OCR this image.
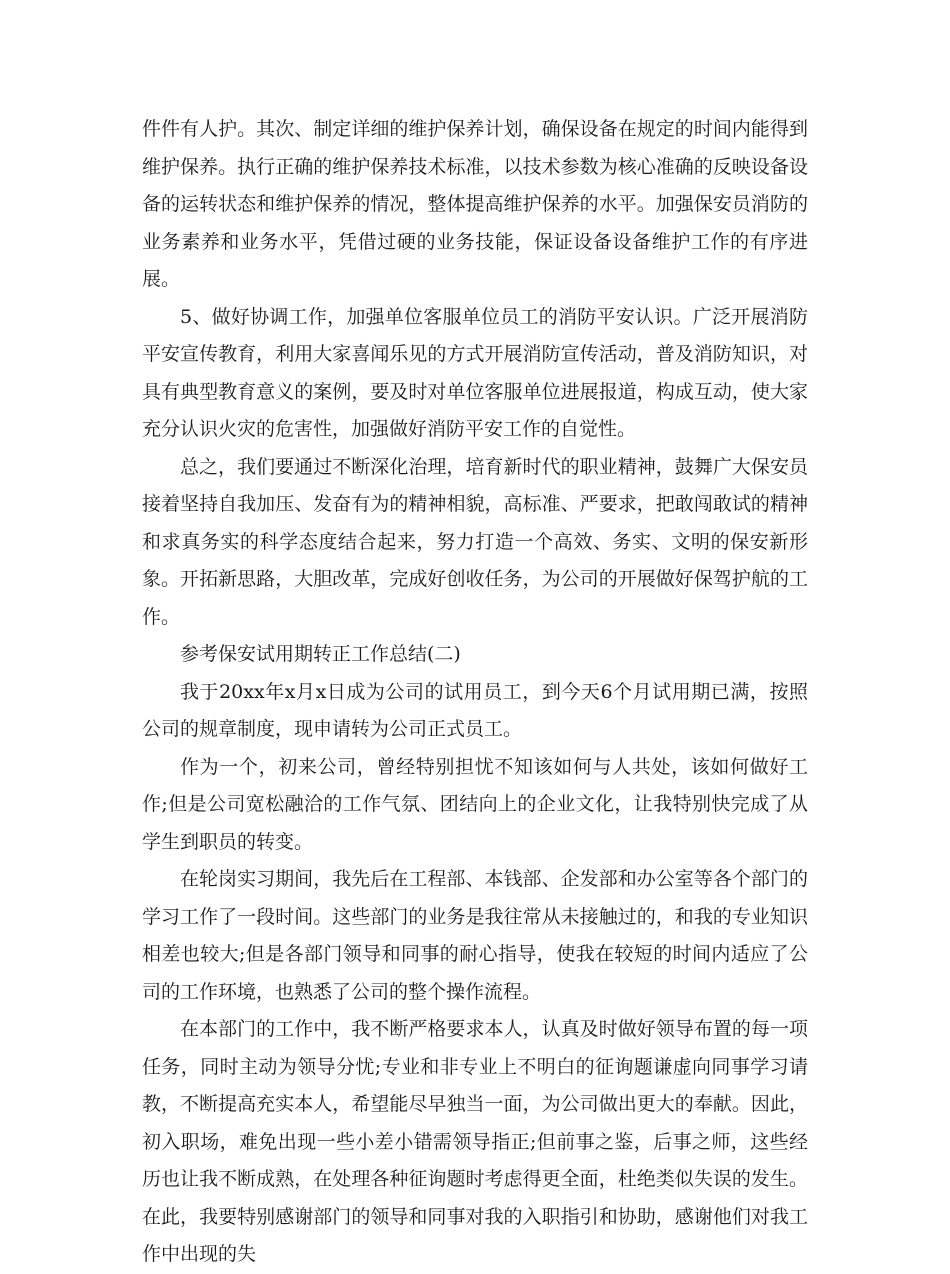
件件有人护。其次、制定详细的维护保养计划，确保设备在规定的时间内能得到维护保养。执行正确的维护保养技术标准，以技术参数为核心准确的反映设备设备的运转状态和维护保养的情况，整体提高维护保养的水平。加强保安员消防的业务素养和业务水平，凭借过硬的业务技能，保证设备设备维护工作的有序进展。

5、做好协调工作，加强单位客服单位员工的消防平安认识。广泛开展消防平安宣传教育，利用大家喜闻乐见的方式开展消防宣传活动，普及消防知识，对具有典型教育意义的案例，要及时对单位客服单位进展报道，构成互动，使大家充分认识火灾的危害性，加强做好消防平安工作的自觉性。

总之，我们要通过不断深化治理，培育新时代的职业精神，鼓舞广大保安员接着坚持自我加压、发奋有为的精神相貌，高标准、严要求，把敢闯敢试的精神和求真务实的科学态度结合起来，努力打造一个高效、务实、文明的保安新形象。开拓新思路，大胆改革，完成好创收任务，为公司的开展做好保驾护航的工作。

参考保安试用期转正工作总结(二)

我于20xx年x月x日成为公司的试用员工，到今天6个月试用期已满，按照公司的规章制度，现申请转为公司正式员工。

作为一个，初来公司，曾经特别担忧不知该如何与人共处，该如何做好工作;但是公司宽松融洽的工作气氛、团结向上的企业文化，让我特别快完成了从学生到职员的转变。

在轮岗实习期间，我先后在工程部、本钱部、企发部和办公室等各个部门的学习工作了一段时间。这些部门的业务是我往常从未接触过的，和我的专业知识相差也较大;但是各部门领导和同事的耐心指导，使我在较短的时间内适应了公司的工作环境，也熟悉了公司的整个操作流程。

在本部门的工作中，我不断严格要求本人，认真及时做好领导布置的每一项任务，同时主动为领导分忧;专业和非专业上不明白的征询题谦虚向同事学习请教，不断提高充实本人，希望能尽早独当一面，为公司做出更大的奉献。因此，初入职场，难免出现一些小差小错需领导指正;但前事之鉴，后事之师，这些经历也让我不断成熟，在处理各种征询题时考虑得更全面，杜绝类似失误的发生。在此，我要特别感谢部门的领导和同事对我的入职指引和协助，感谢他们对我工作中出现的失
